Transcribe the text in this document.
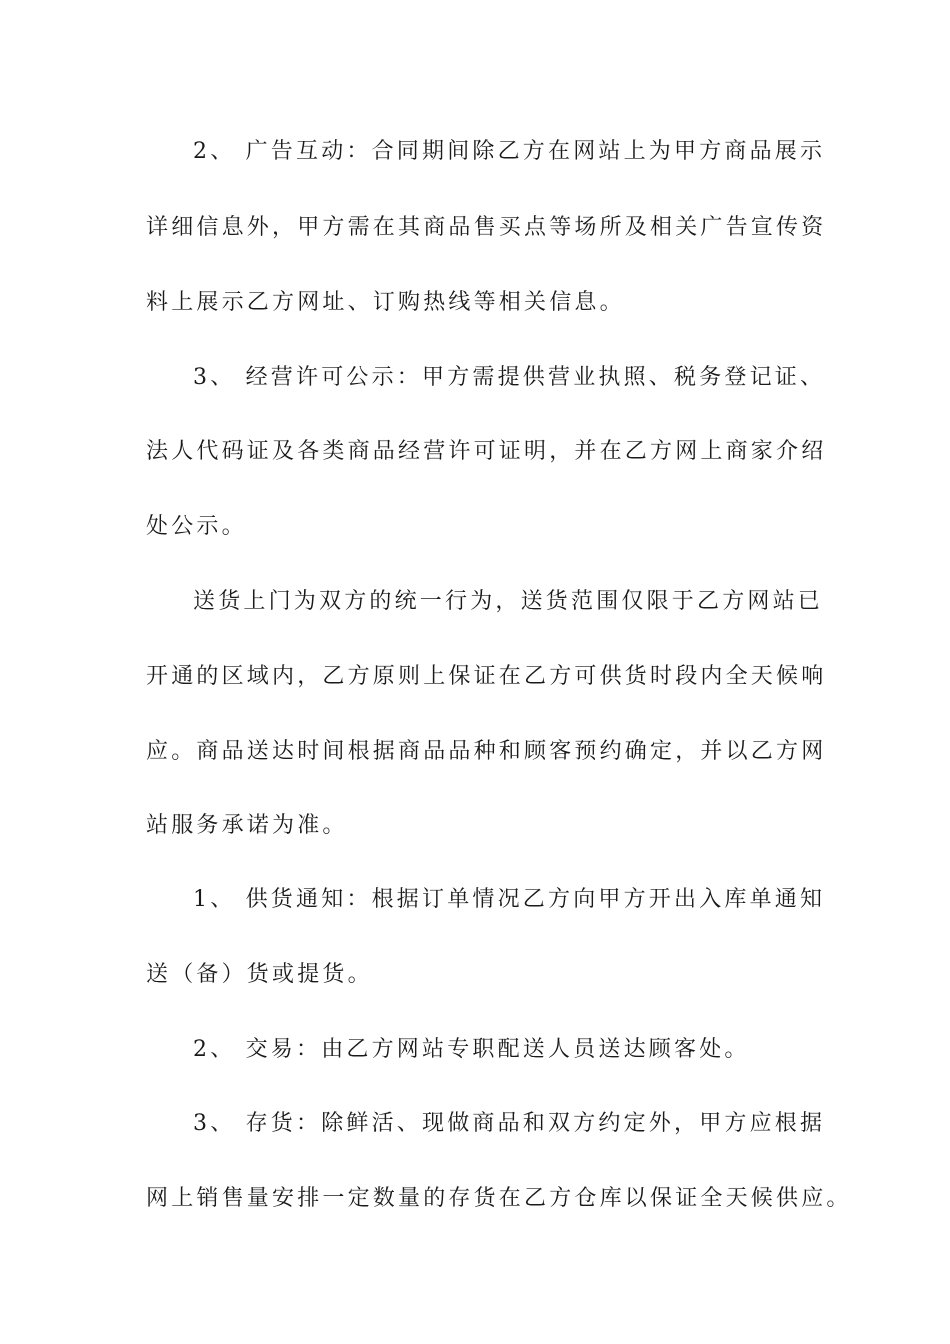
2、 广告互动：合同期间除乙方在网站上为甲方商品展示
详细信息外，甲方需在其商品售买点等场所及相关广告宣传资
料上展示乙方网址、订购热线等相关信息。
3、 经营许可公示：甲方需提供营业执照、税务登记证、
法人代码证及各类商品经营许可证明，并在乙方网上商家介绍
处公示。
送货上门为双方的统一行为，送货范围仅限于乙方网站已
开通的区域内，乙方原则上保证在乙方可供货时段内全天候响
应。商品送达时间根据商品品种和顾客预约确定，并以乙方网
站服务承诺为准。
1、 供货通知：根据订单情况乙方向甲方开出入库单通知
送（备）货或提货。
2、 交易：由乙方网站专职配送人员送达顾客处。
3、 存货：除鲜活、现做商品和双方约定外，甲方应根据
网上销售量安排一定数量的存货在乙方仓库以保证全天候供应。
